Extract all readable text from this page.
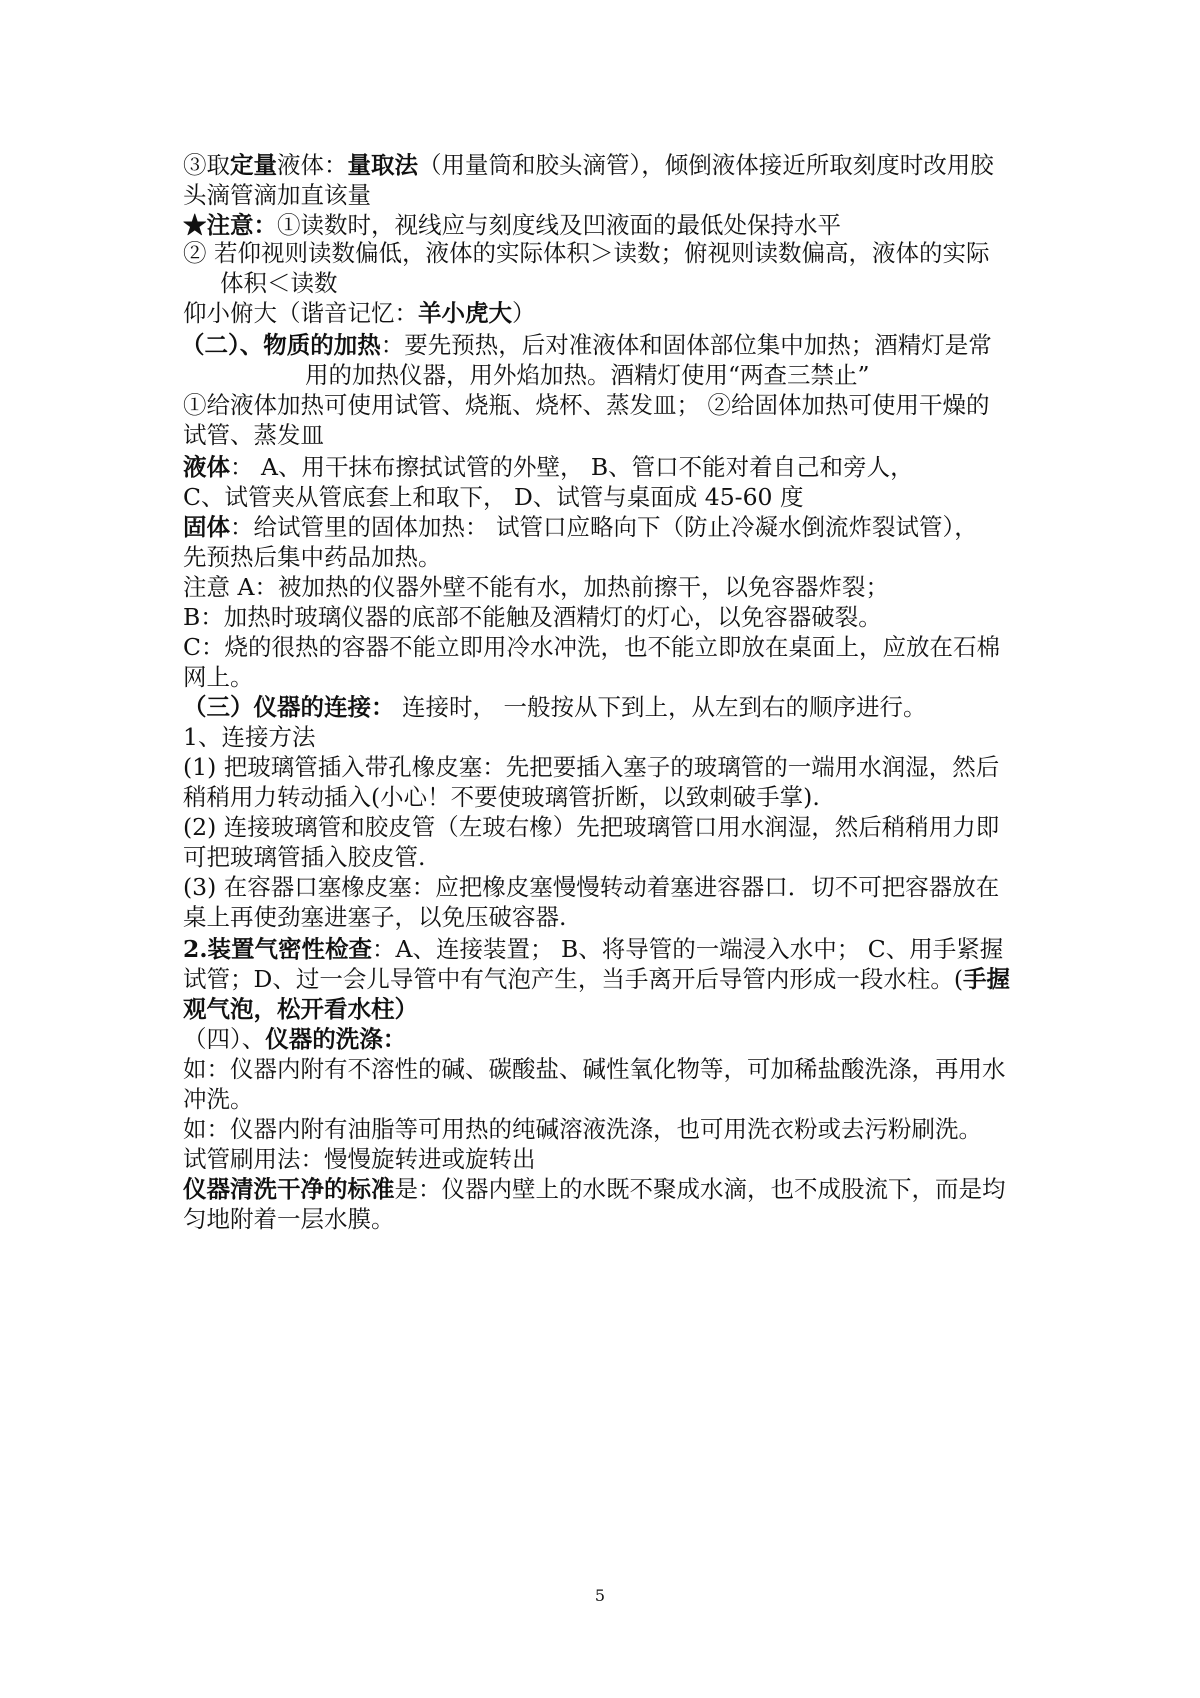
③取定量液体：量取法（用量筒和胶头滴管），倾倒液体接近所取刻度时改用胶
头滴管滴加直该量
★注意：①读数时，视线应与刻度线及凹液面的最低处保持水平
② 若仰视则读数偏低，液体的实际体积＞读数；俯视则读数偏高，液体的实际
体积＜读数
仰小俯大（谐音记忆：羊小虎大）
（二）、物质的加热：要先预热，后对准液体和固体部位集中加热；酒精灯是常
用的加热仪器，用外焰加热。酒精灯使用“两查三禁止”
①给液体加热可使用试管、烧瓶、烧杯、蒸发皿； ②给固体加热可使用干燥的
试管、蒸发皿
液体： A、用干抹布擦拭试管的外壁， B、管口不能对着自己和旁人，
C、试管夹从管底套上和取下， D、试管与桌面成 45-60 度
固体：给试管里的固体加热： 试管口应略向下（防止冷凝水倒流炸裂试管），
先预热后集中药品加热。
注意 A：被加热的仪器外壁不能有水，加热前擦干，以免容器炸裂；
B：加热时玻璃仪器的底部不能触及酒精灯的灯心，以免容器破裂。
C：烧的很热的容器不能立即用冷水冲洗，也不能立即放在桌面上，应放在石棉
网上。
（三）仪器的连接： 连接时， 一般按从下到上，从左到右的顺序进行。
1、连接方法
(1) 把玻璃管插入带孔橡皮塞：先把要插入塞子的玻璃管的一端用水润湿，然后
稍稍用力转动插入(小心！不要使玻璃管折断，以致刺破手掌).
(2) 连接玻璃管和胶皮管（左玻右橡）先把玻璃管口用水润湿，然后稍稍用力即
可把玻璃管插入胶皮管.
(3) 在容器口塞橡皮塞：应把橡皮塞慢慢转动着塞进容器口．切不可把容器放在
桌上再使劲塞进塞子，以免压破容器.
2.装置气密性检查：A、连接装置； B、将导管的一端浸入水中； C、用手紧握
试管；D、过一会儿导管中有气泡产生，当手离开后导管内形成一段水柱。(手握
观气泡，松开看水柱）
（四）、仪器的洗涤：
如：仪器内附有不溶性的碱、碳酸盐、碱性氧化物等，可加稀盐酸洗涤，再用水
冲洗。
如：仪器内附有油脂等可用热的纯碱溶液洗涤，也可用洗衣粉或去污粉刷洗。
试管刷用法：慢慢旋转进或旋转出
仪器清洗干净的标准是：仪器内壁上的水既不聚成水滴，也不成股流下，而是均
匀地附着一层水膜。
5
